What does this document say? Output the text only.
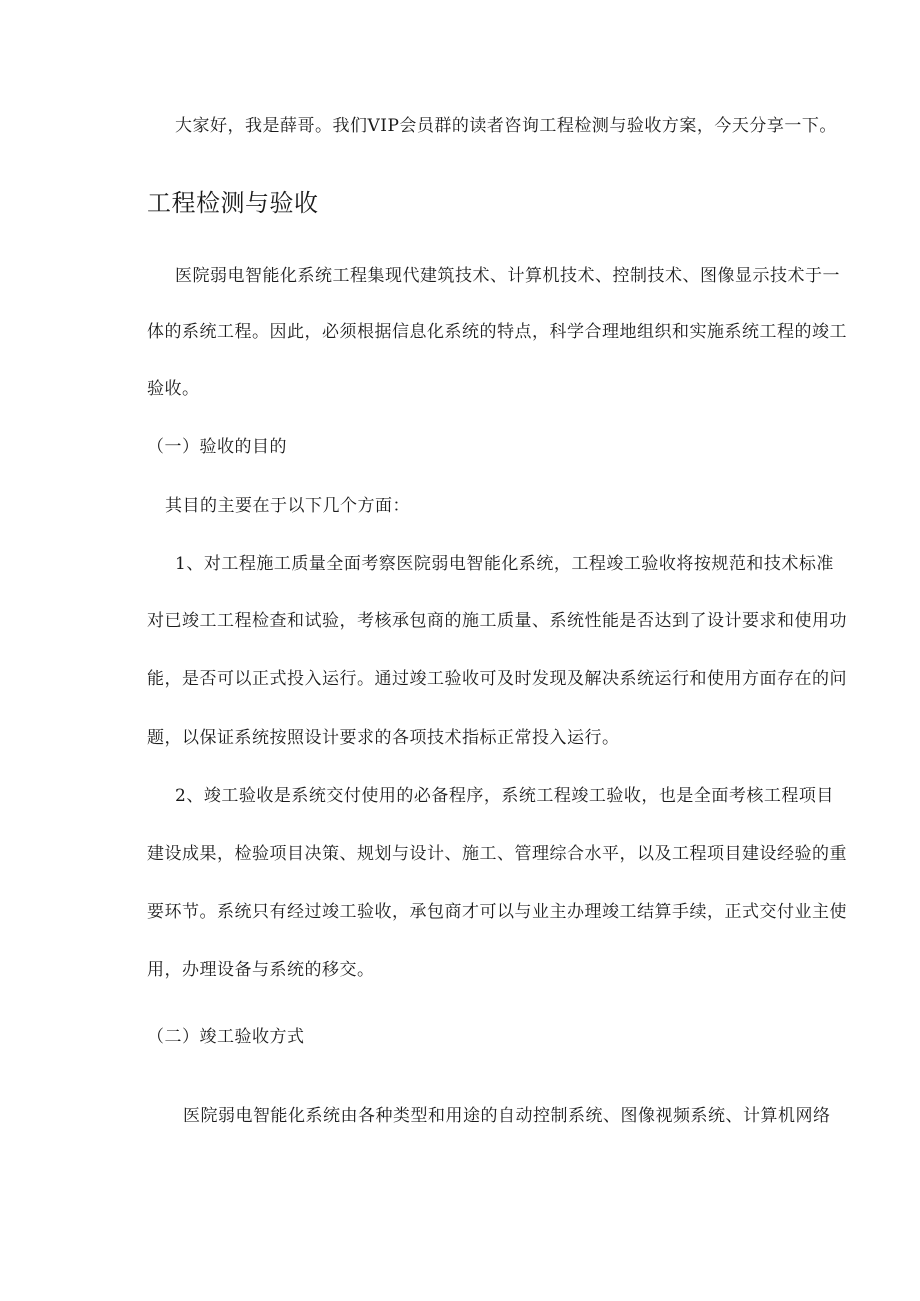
大家好，我是薛哥。我们VIP会员群的读者咨询工程检测与验收方案，今天分享一下。
工程检测与验收
医院弱电智能化系统工程集现代建筑技术、计算机技术、控制技术、图像显示技术于一
体的系统工程。因此，必须根据信息化系统的特点，科学合理地组织和实施系统工程的竣工
验收。
（一）验收的目的
其目的主要在于以下几个方面：
1、对工程施工质量全面考察医院弱电智能化系统，工程竣工验收将按规范和技术标准
对已竣工工程检查和试验，考核承包商的施工质量、系统性能是否达到了设计要求和使用功
能，是否可以正式投入运行。通过竣工验收可及时发现及解决系统运行和使用方面存在的问
题，以保证系统按照设计要求的各项技术指标正常投入运行。
2、竣工验收是系统交付使用的必备程序，系统工程竣工验收，也是全面考核工程项目
建设成果，检验项目决策、规划与设计、施工、管理综合水平，以及工程项目建设经验的重
要环节。系统只有经过竣工验收，承包商才可以与业主办理竣工结算手续，正式交付业主使
用，办理设备与系统的移交。
（二）竣工验收方式
医院弱电智能化系统由各种类型和用途的自动控制系统、图像视频系统、计算机网络
